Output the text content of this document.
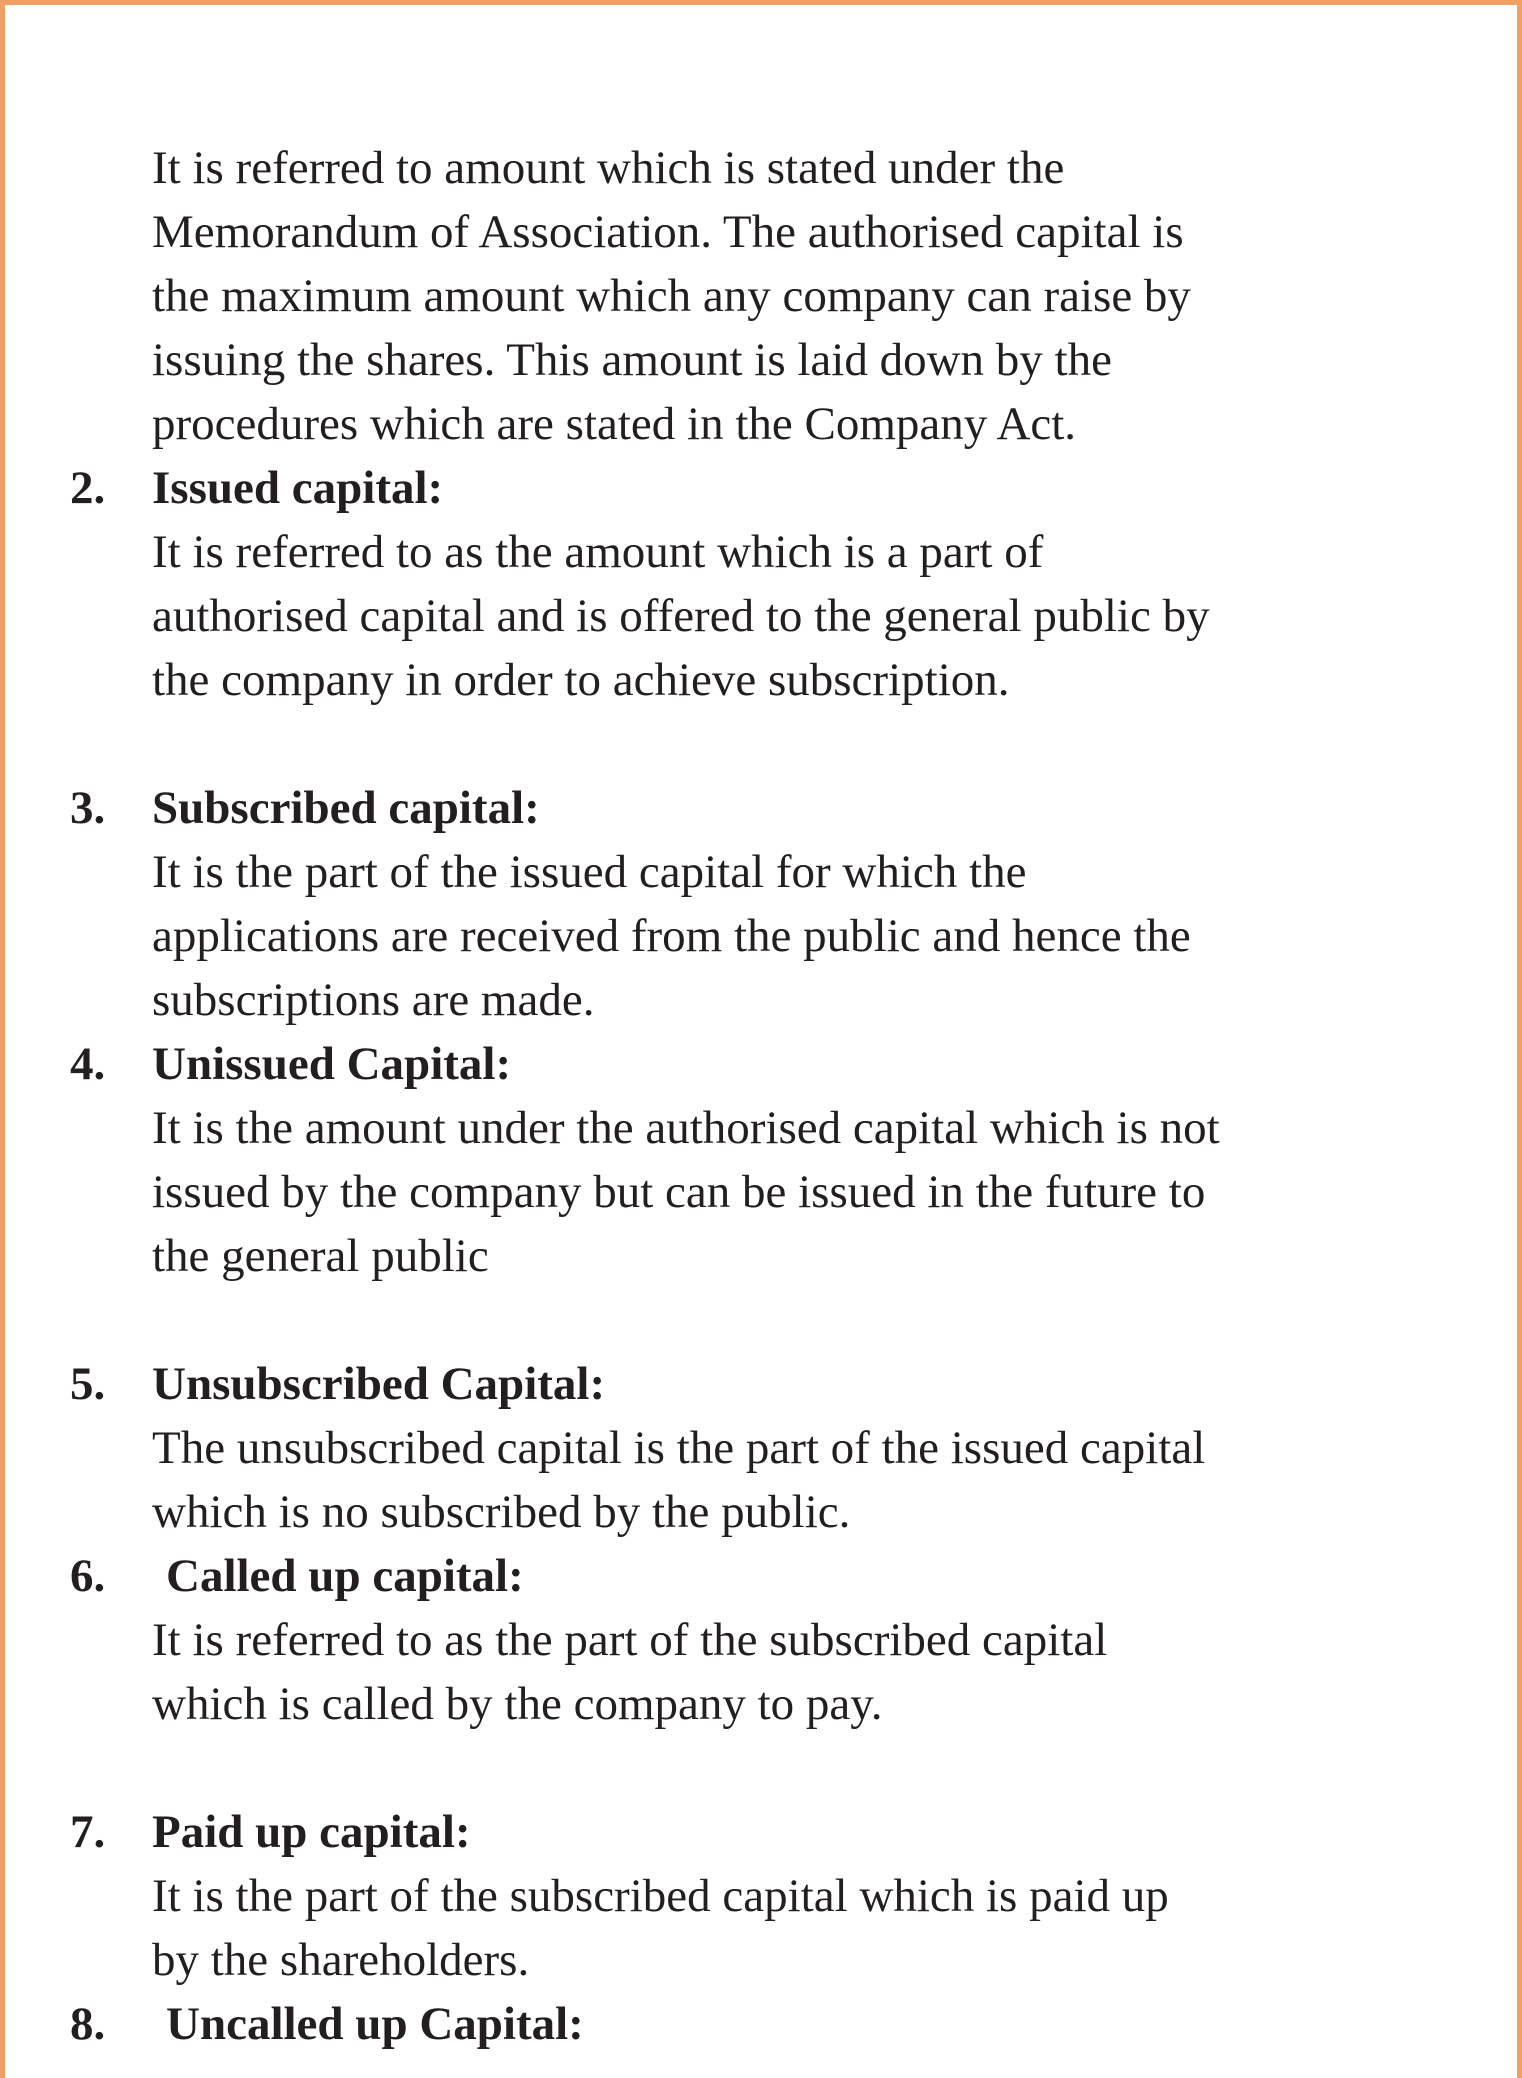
It is referred to amount which is stated under the
Memorandum of Association. The authorised capital is
the maximum amount which any company can raise by
issuing the shares. This amount is laid down by the
procedures which are stated in the Company Act.
2. Issued capital:
It is referred to as the amount which is a part of
authorised capital and is offered to the general public by
the company in order to achieve subscription.
3. Subscribed capital:
It is the part of the issued capital for which the
applications are received from the public and hence the
subscriptions are made.
4. Unissued Capital:
It is the amount under the authorised capital which is not
issued by the company but can be issued in the future to
the general public
5. Unsubscribed Capital:
The unsubscribed capital is the part of the issued capital
which is no subscribed by the public.
6. Called up capital:
It is referred to as the part of the subscribed capital
which is called by the company to pay.
7. Paid up capital:
It is the part of the subscribed capital which is paid up
by the shareholders.
8. Uncalled up Capital:
